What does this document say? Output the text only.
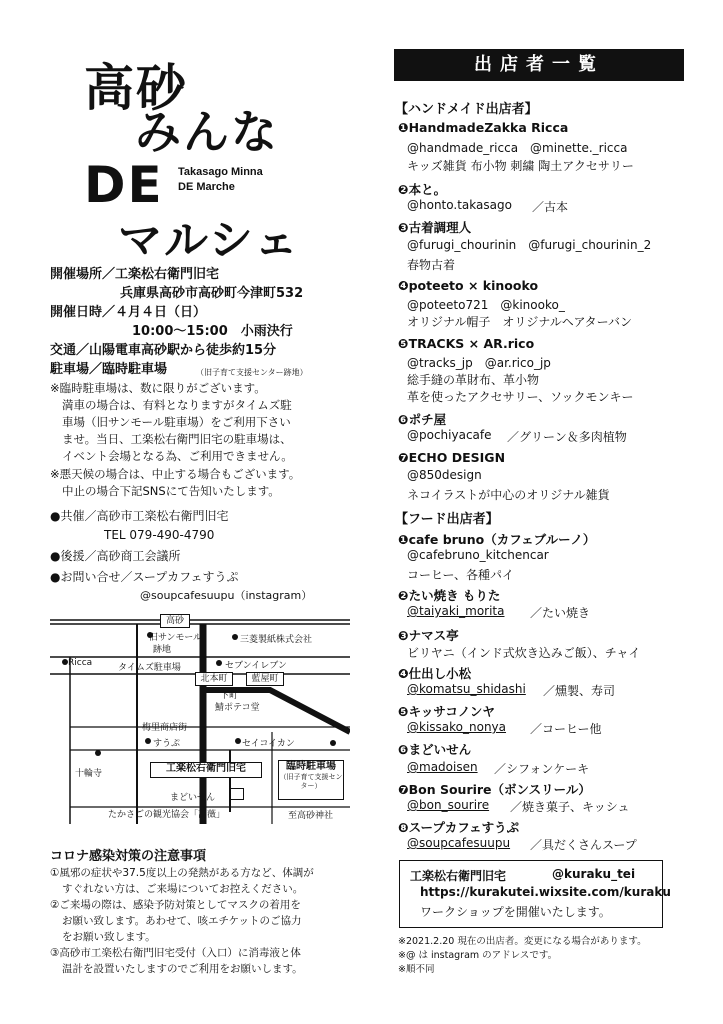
高砂
みんな
Takasago Minna
DE Marche
DE
マルシェ
開催場所／工楽松右衛門旧宅
兵庫県高砂市高砂町今津町532
開催日時／４月４日（日）
10:00〜15:00　小雨決行
交通／山陽電車高砂駅から徒歩約15分
駐車場／臨時駐車場	（旧子育て支援センター跡地）
※臨時駐車場は、数に限りがございます。
満車の場合は、有料となりますがタイムズ駐
車場（旧サンモール駐車場）をご利用下さい
ませ。当日、工楽松右衛門旧宅の駐車場は、
イベント会場となる為、ご利用できません。
※悪天候の場合は、中止する場合もございます。
中止の場合下記SNSにて告知いたします。
●共催／高砂市工楽松右衛門旧宅
TEL 079-490-4790
●後援／高砂商工会議所
●お問い合せ／スープカフェすうぷ
@soupcafesuupu（instagram）
高砂
旧サンモール
跡地
三菱製紙株式会社
Ricca	タイムズ駐車場	セブンイレブン
北本町	藍屋町
下町
鯖ポテコ堂
梅里商店街
すうぷ	セイコイカン
十輪寺	工楽松右衛門旧宅	臨時駐車場
（旧子育て支援センター）
まどいせん
たかさごの観光協会「萬薇」	至高砂神社
コロナ感染対策の注意事項
①風邪の症状や37.5度以上の発熱がある方など、体調が
すぐれない方は、ご来場についてお控えください。
②ご来場の際は、感染予防対策としてマスクの着用を
お願い致します。あわせて、咳エチケットのご協力
をお願い致します。
③高砂市工楽松右衛門旧宅受付（入口）に消毒液と体
温計を設置いたしますのでご利用をお願いします。
出店者一覧
【ハンドメイド出店者】
❶HandmadeZakka Ricca
@handmade_ricca　@minette._ricca
キッズ雑貨 布小物 刺繍 陶土アクセサリー
❷本と。
@honto.takasago ／古本
❸古着調理人
@furugi_chourinin　@furugi_chourinin_2
春物古着
❹poteeto × kinooko
@poteeto721　@kinooko_
オリジナル帽子　オリジナルヘアターバン
❺TRACKS × AR.rico
@tracks_jp　@ar.rico_jp
総手縫の革財布、革小物
革を使ったアクセサリー、ソックモンキー
❻ポチ屋
@pochiyacafe ／グリーン＆多肉植物
❼ECHO DESIGN
@850design
ネコイラストが中心のオリジナル雑貨
【フード出店者】
❶cafe bruno（カフェブルーノ）
@cafebruno_kitchencar
コーヒー、各種パイ
❷たい焼き もりた
@taiyaki_morita ／たい焼き
❸ナマス亭
ビリヤニ（インド式炊き込みご飯）、チャイ
❹仕出し小松
@komatsu_shidashi ／燻製、寿司
❺キッサコノンヤ
@kissako_nonya ／コーヒー他
❻まどいせん
@madoisen ／シフォンケーキ
❼Bon Sourire（ボンスリール）
@bon_sourire ／焼き菓子、キッシュ
❽スープカフェすうぷ
@soupcafesuupu ／具だくさんスープ
工楽松右衛門旧宅	@kuraku_tei
https://kurakutei.wixsite.com/kuraku
ワークショップを開催いたします。
※2021.2.20 現在の出店者。変更になる場合があります。
※@ は instagram のアドレスです。
※順不同
